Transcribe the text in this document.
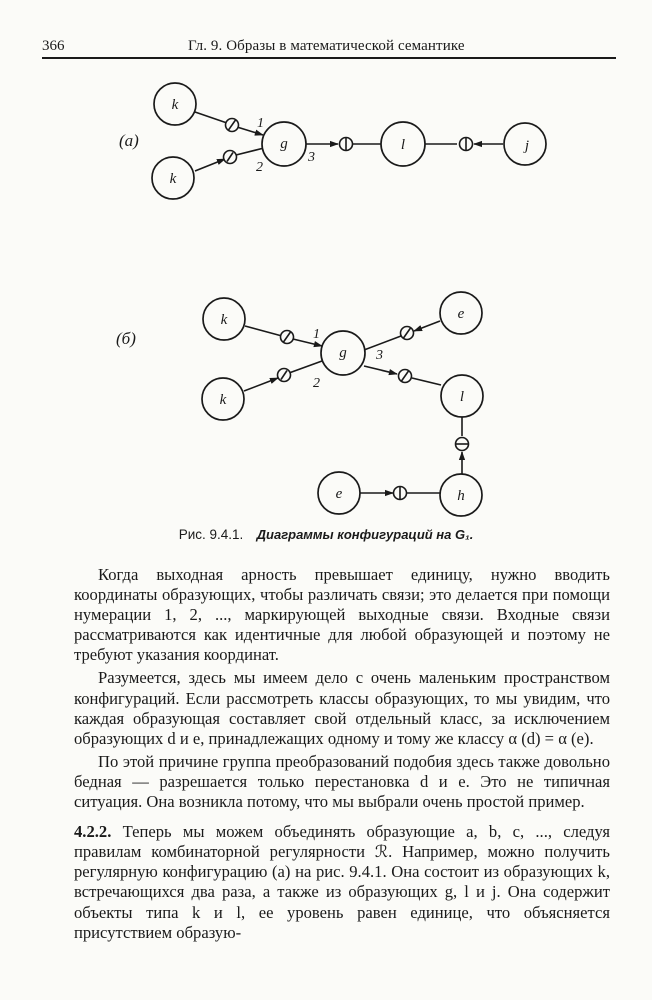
366	Гл. 9. Образы в математической семантике
(a)
k
k
g	l	j
1
2
3
(б)
k
k
g
e
l
e	h
1
2
3
Рис. 9.4.1. Диаграммы конфигураций на G₁.

Когда выходная арность превышает единицу, нужно вводить координаты образующих, чтобы различать связи; это делается при помощи нумерации 1, 2, ..., маркирующей выходные связи. Входные связи рассматриваются как идентичные для любой образующей и поэтому не требуют указания координат.

Разумеется, здесь мы имеем дело с очень маленьким пространством конфигураций. Если рассмотреть классы образующих, то мы увидим, что каждая образующая составляет свой отдельный класс, за исключением образующих d и e, принадлежащих одному и тому же классу α (d) = α (e).

По этой причине группа преобразований подобия здесь также довольно бедная — разрешается только перестановка d и e. Это не типичная ситуация. Она возникла потому, что мы выбрали очень простой пример.

4.2.2. Теперь мы можем объединять образующие a, b, c, ..., следуя правилам комбинаторной регулярности ℛ. Например, можно получить регулярную конфигурацию (a) на рис. 9.4.1. Она состоит из образующих k, встречающихся два раза, а также из образующих g, l и j. Она содержит объекты типа k и l, ее уровень равен единице, что объясняется присутствием образую-
